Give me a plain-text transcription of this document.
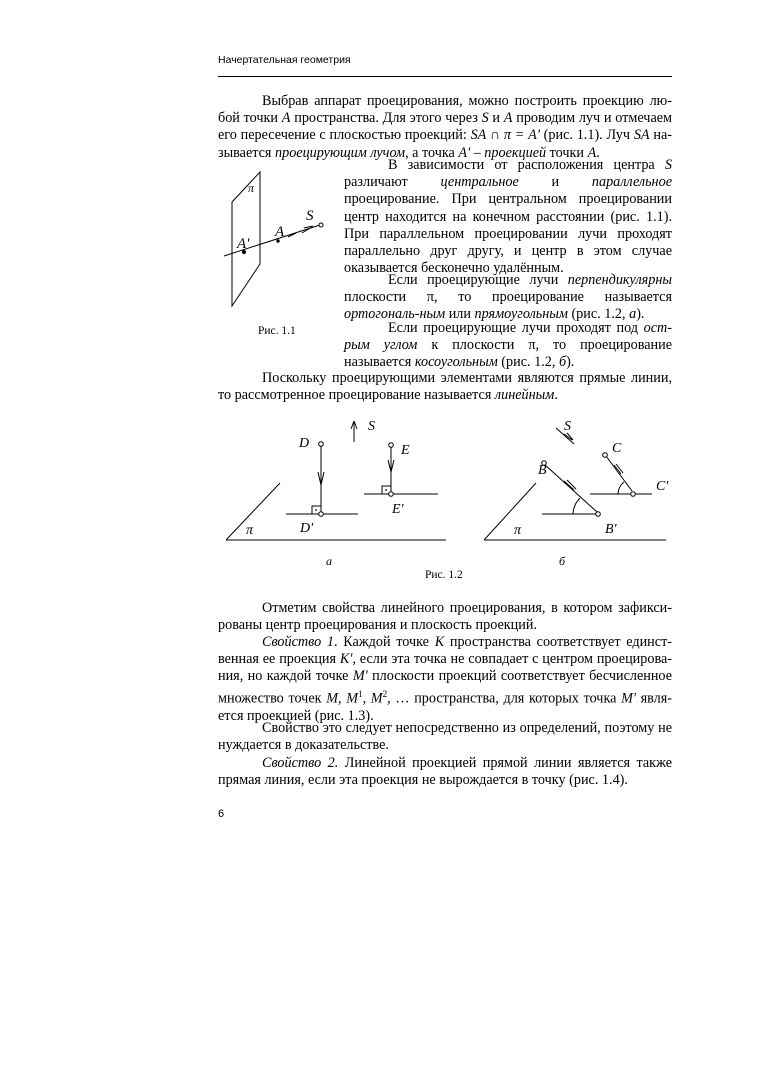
Начертательная геометрия

Выбрав аппарат проецирования, можно построить проекцию лю-бой точки A пространства. Для этого через S и A проводим луч и отмечаем его пересечение с плоскостью проекций: SA ∩ π = A' (рис. 1.1). Луч SA на-зывается проецирующим лучом, а точка A' – проекцией точки A.

π
S
A
A'
Рис. 1.1

В зависимости от расположения центра S различают центральное и параллельное проецирование. При центральном проецировании центр находится на конечном расстоянии (рис. 1.1). При параллельном проецировании лучи проходят параллельно друг другу, и центр в этом случае оказывается бесконечно удалённым.

Если проецирующие лучи перпендикулярны плоскости π, то проецирование называется ортогональ-ным или прямоугольным (рис. 1.2, а).

Если проецирующие лучи проходят под ост-рым углом к плоскости π, то проецирование называется косоугольным (рис. 1.2, б).

Поскольку проецирующими элементами являются прямые линии, то рассмотренное проецирование называется линейным.

D
D'
S
E
E'
π
а
S
C
B
C'
B'
π
б
Рис. 1.2

Отметим свойства линейного проецирования, в котором зафикси-рованы центр проецирования и плоскость проекций.

Свойство 1. Каждой точке K пространства соответствует единст-венная ее проекция K', если эта точка не совпадает с центром проецирова-ния, но каждой точке M' плоскости проекций соответствует бесчисленное множество точек M, $M^1$, $M^2$, … пространства, для которых точка M' явля-ется проекцией (рис. 1.3).

Свойство это следует непосредственно из определений, поэтому не нуждается в доказательстве.

Свойство 2. Линейной проекцией прямой линии является также прямая линия, если эта проекция не вырождается в точку (рис. 1.4).

6
